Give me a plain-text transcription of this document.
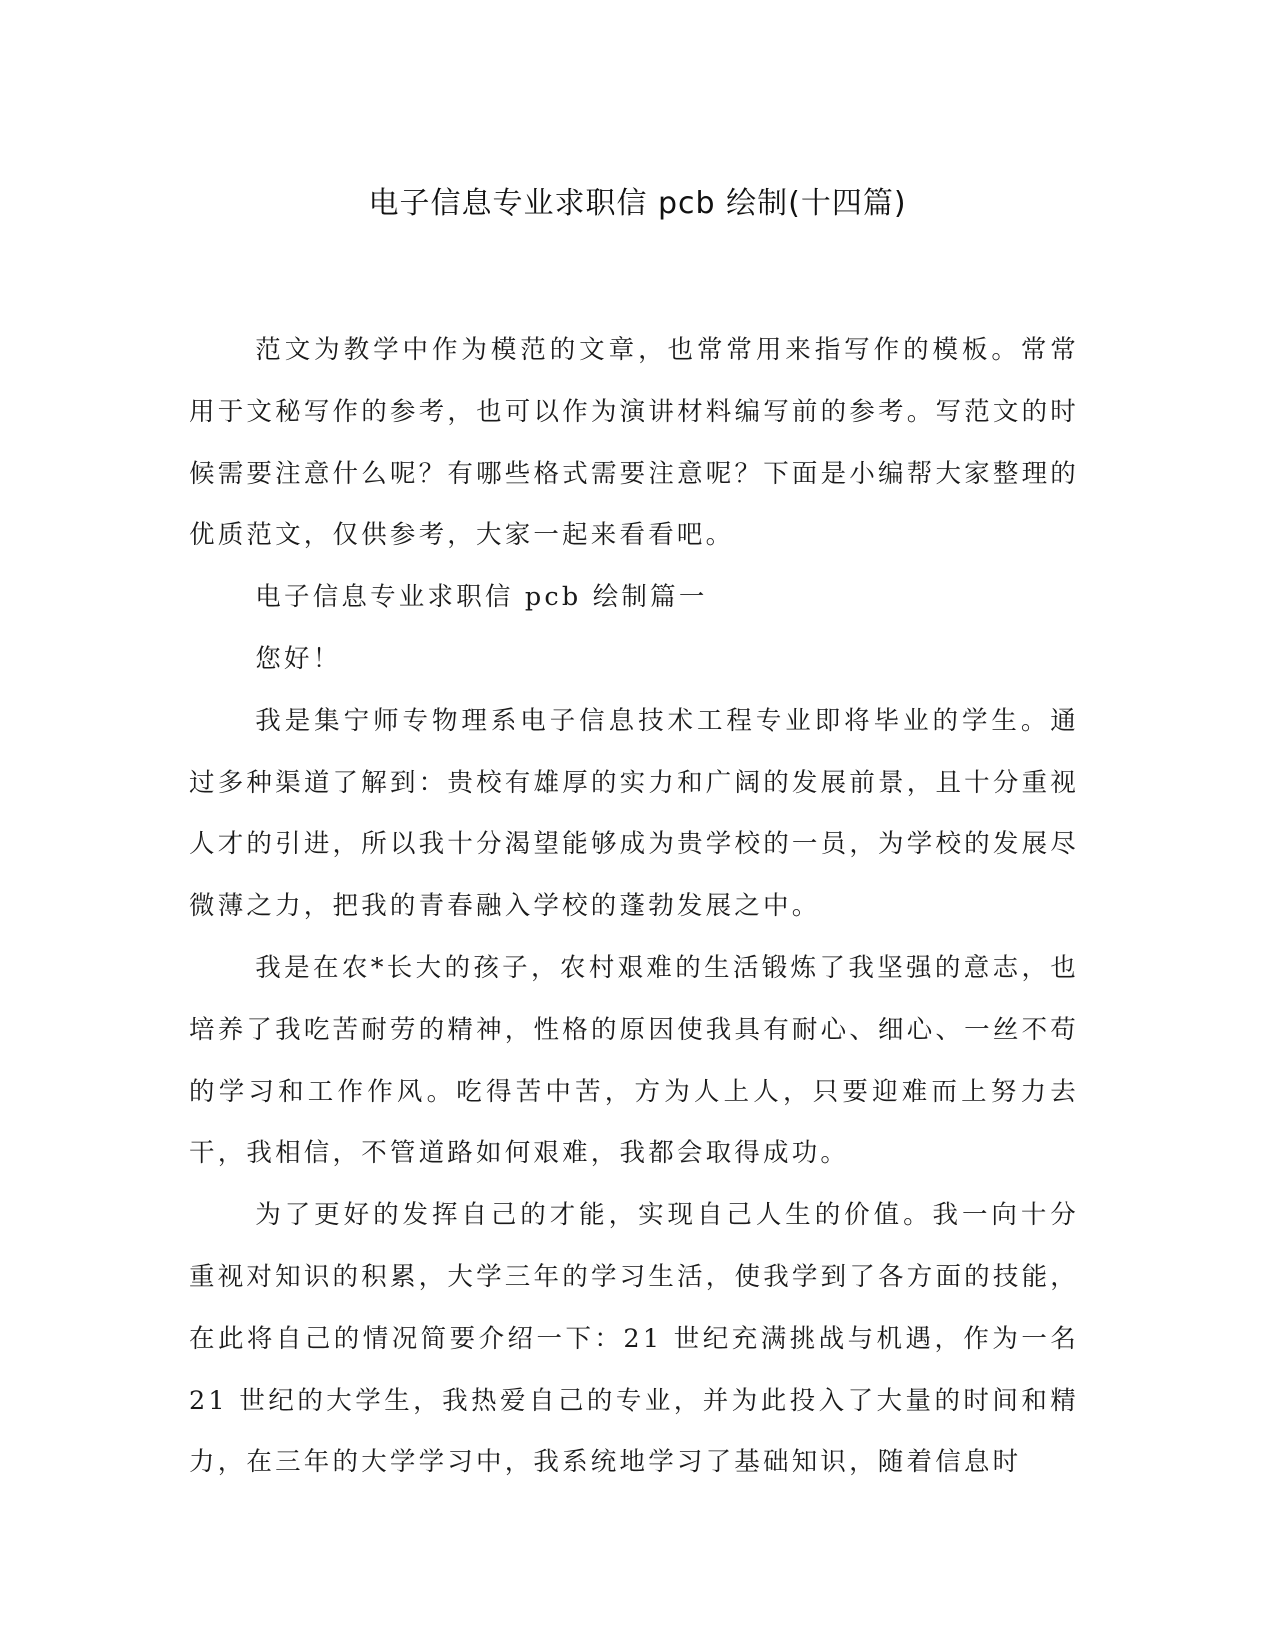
电子信息专业求职信 pcb 绘制(十四篇)

范文为教学中作为模范的文章，也常常用来指写作的模板。常常用于文秘写作的参考，也可以作为演讲材料编写前的参考。写范文的时候需要注意什么呢？有哪些格式需要注意呢？下面是小编帮大家整理的优质范文，仅供参考，大家一起来看看吧。

电子信息专业求职信 pcb 绘制篇一

您好！

我是集宁师专物理系电子信息技术工程专业即将毕业的学生。通过多种渠道了解到：贵校有雄厚的实力和广阔的发展前景，且十分重视人才的引进，所以我十分渴望能够成为贵学校的一员，为学校的发展尽微薄之力，把我的青春融入学校的蓬勃发展之中。

我是在农*长大的孩子，农村艰难的生活锻炼了我坚强的意志，也培养了我吃苦耐劳的精神，性格的原因使我具有耐心、细心、一丝不苟的学习和工作作风。吃得苦中苦，方为人上人，只要迎难而上努力去干，我相信，不管道路如何艰难，我都会取得成功。

为了更好的发挥自己的才能，实现自己人生的价值。我一向十分重视对知识的积累，大学三年的学习生活，使我学到了各方面的技能，在此将自己的情况简要介绍一下：21 世纪充满挑战与机遇，作为一名 21 世纪的大学生，我热爱自己的专业，并为此投入了大量的时间和精力，在三年的大学学习中，我系统地学习了基础知识，随着信息时
